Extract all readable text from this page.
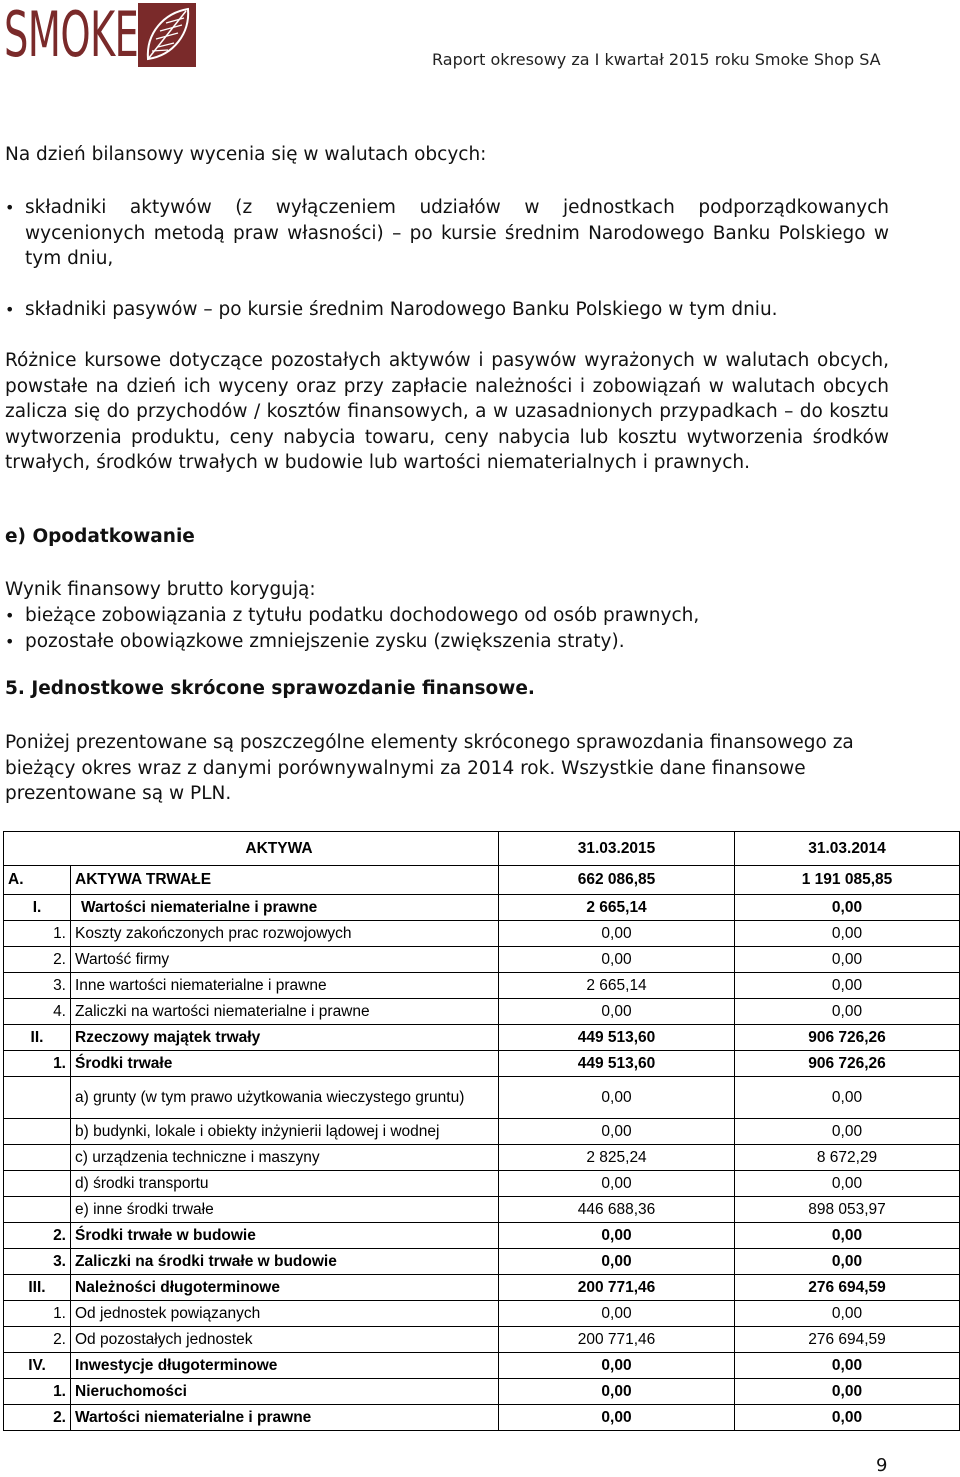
SMOKE	Raport okresowy za I kwartał 2015 roku Smoke Shop SA
Na dzień bilansowy wycenia się w walutach obcych:
• składniki aktywów (z wyłączeniem udziałów w jednostkach podporządkowanych wycenionych metodą praw własności) – po kursie średnim Narodowego Banku Polskiego w tym dniu,
• składniki pasywów – po kursie średnim Narodowego Banku Polskiego w tym dniu.
Różnice kursowe dotyczące pozostałych aktywów i pasywów wyrażonych w walutach obcych, powstałe na dzień ich wyceny oraz przy zapłacie należności i zobowiązań w walutach obcych zalicza się do przychodów / kosztów finansowych, a w uzasadnionych przypadkach – do kosztu wytworzenia produktu, ceny nabycia towaru, ceny nabycia lub kosztu wytworzenia środków trwałych, środków trwałych w budowie lub wartości niematerialnych i prawnych.
e) Opodatkowanie
Wynik finansowy brutto korygują:
• bieżące zobowiązania z tytułu podatku dochodowego od osób prawnych,
• pozostałe obowiązkowe zmniejszenie zysku (zwiększenia straty).
5. Jednostkowe skrócone sprawozdanie finansowe.
Poniżej prezentowane są poszczególne elementy skróconego sprawozdania finansowego za bieżący okres wraz z danymi porównywalnymi za 2014 rok. Wszystkie dane finansowe prezentowane są w PLN.
AKTYWA		31.03.2015	31.03.2014
A.	AKTYWA TRWAŁE	662 086,85	1 191 085,85
I.	Wartości niematerialne i prawne	2 665,14	0,00
1.	Koszty zakończonych prac rozwojowych	0,00	0,00
2.	Wartość firmy	0,00	0,00
3.	Inne wartości niematerialne i prawne	2 665,14	0,00
4.	Zaliczki na wartości niematerialne i prawne	0,00	0,00
II.	Rzeczowy majątek trwały	449 513,60	906 726,26
1.	Środki trwałe	449 513,60	906 726,26
	a) grunty (w tym prawo użytkowania wieczystego gruntu)	0,00	0,00
	b) budynki, lokale i obiekty inżynierii lądowej i wodnej	0,00	0,00
	c) urządzenia techniczne i maszyny	2 825,24	8 672,29
	d) środki transportu	0,00	0,00
	e) inne środki trwałe	446 688,36	898 053,97
2.	Środki trwałe w budowie	0,00	0,00
3.	Zaliczki na środki trwałe w budowie	0,00	0,00
III.	Należności długoterminowe	200 771,46	276 694,59
1.	Od jednostek powiązanych	0,00	0,00
2.	Od pozostałych jednostek	200 771,46	276 694,59
IV.	Inwestycje długoterminowe	0,00	0,00
1.	Nieruchomości	0,00	0,00
2.	Wartości niematerialne i prawne	0,00	0,00
9
